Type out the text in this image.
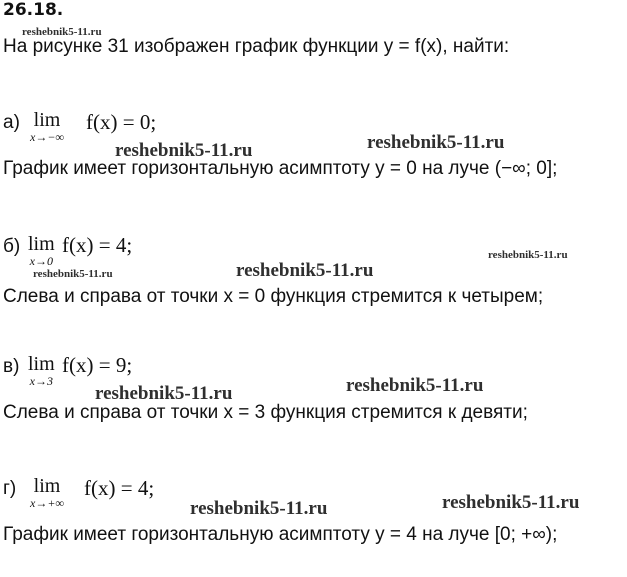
26.18.
На рисунке 31 изображен график функции y = f(x), найти:
а) lim
x→−∞
f(x) = 0;
График имеет горизонтальную асимптоту y = 0 на луче (−∞; 0];
б) lim
x→0
f(x) = 4;
Слева и справа от точки x = 0 функция стремится к четырем;
в) lim
x→3
f(x) = 9;
Слева и справа от точки x = 3 функция стремится к девяти;
г) lim
x→+∞
f(x) = 4;
График имеет горизонтальную асимптоту y = 4 на луче [0; +∞);
reshebnik5-11.ru
reshebnik5-11.ru
reshebnik5-11.ru
reshebnik5-11.ru
reshebnik5-11.ru
reshebnik5-11.ru
reshebnik5-11.ru
reshebnik5-11.ru
reshebnik5-11.ru
reshebnik5-11.ru
